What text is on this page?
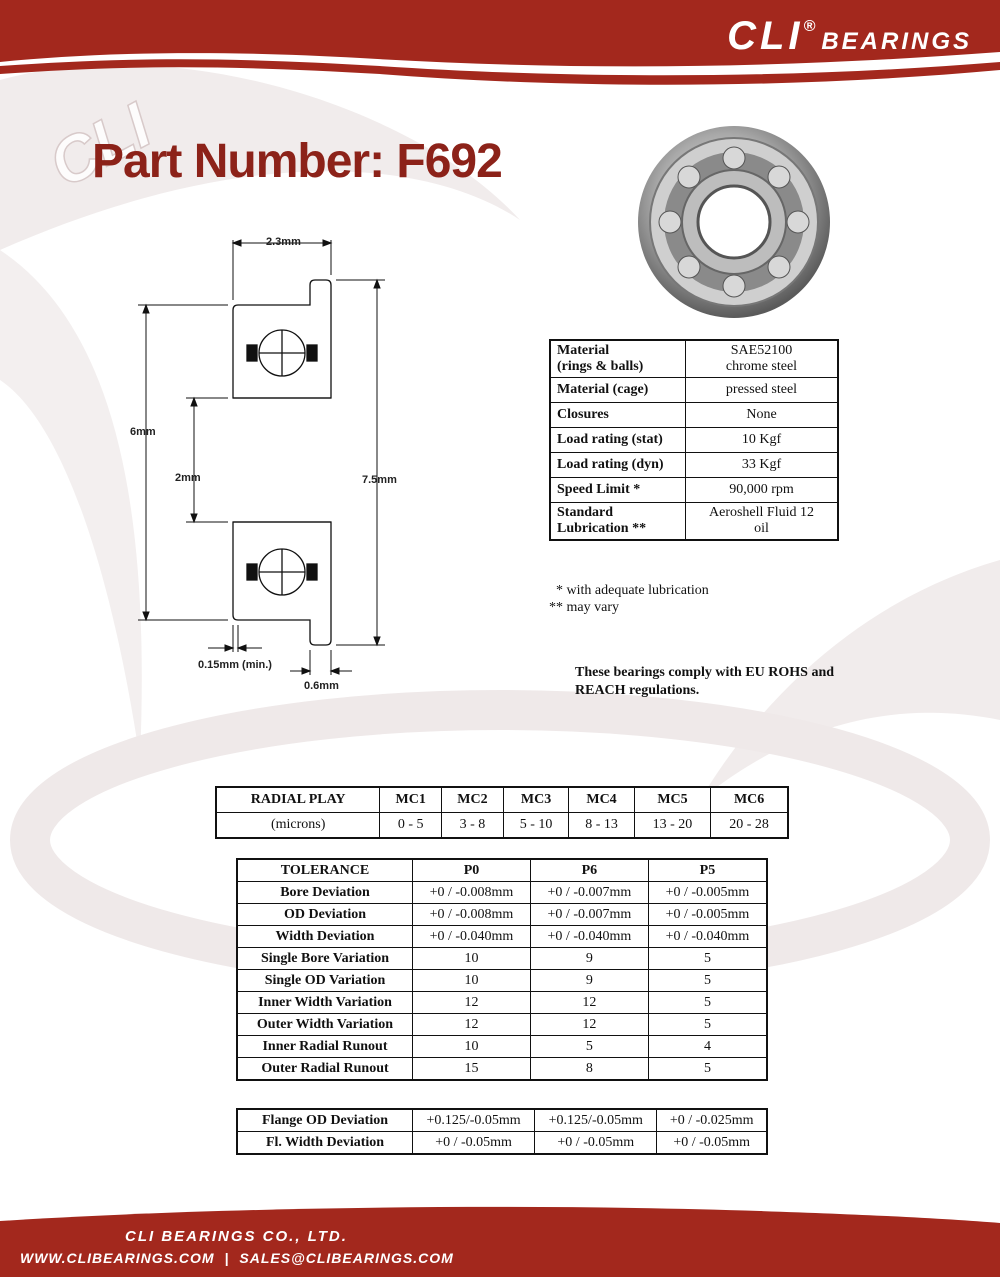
CLI
CLI®BEARINGS
Part Number: F692
2.3mm
6mm
2mm	7.5mm
0.15mm (min.)
0.6mm
Material
(rings & balls)	SAE52100
chrome steel
Material (cage)	pressed steel
Closures	None
Load rating (stat)	10 Kgf
Load rating (dyn)	33 Kgf
Speed Limit *	90,000 rpm
Standard
Lubrication **	Aeroshell Fluid 12
oil
* with adequate lubrication
** may vary
These bearings comply with EU ROHS and REACH regulations.
RADIAL PLAY	MC1	MC2	MC3	MC4	MC5	MC6
(microns)	0 - 5	3 - 8	5 - 10	8 - 13	13 - 20	20 - 28
TOLERANCE	P0	P6	P5
Bore Deviation	+0 / -0.008mm	+0 / -0.007mm	+0 / -0.005mm
OD Deviation	+0 / -0.008mm	+0 / -0.007mm	+0 / -0.005mm
Width Deviation	+0 / -0.040mm	+0 / -0.040mm	+0 / -0.040mm
Single Bore Variation	10	9	5
Single OD Variation	10	9	5
Inner Width Variation	12	12	5
Outer Width Variation	12	12	5
Inner Radial Runout	10	5	4
Outer Radial Runout	15	8	5
Flange OD Deviation	+0.125/-0.05mm	+0.125/-0.05mm	+0 / -0.025mm
Fl. Width Deviation	+0 / -0.05mm	+0 / -0.05mm	+0 / -0.05mm
CLI BEARINGS CO., LTD.
WWW.CLIBEARINGS.COM | SALES@CLIBEARINGS.COM
